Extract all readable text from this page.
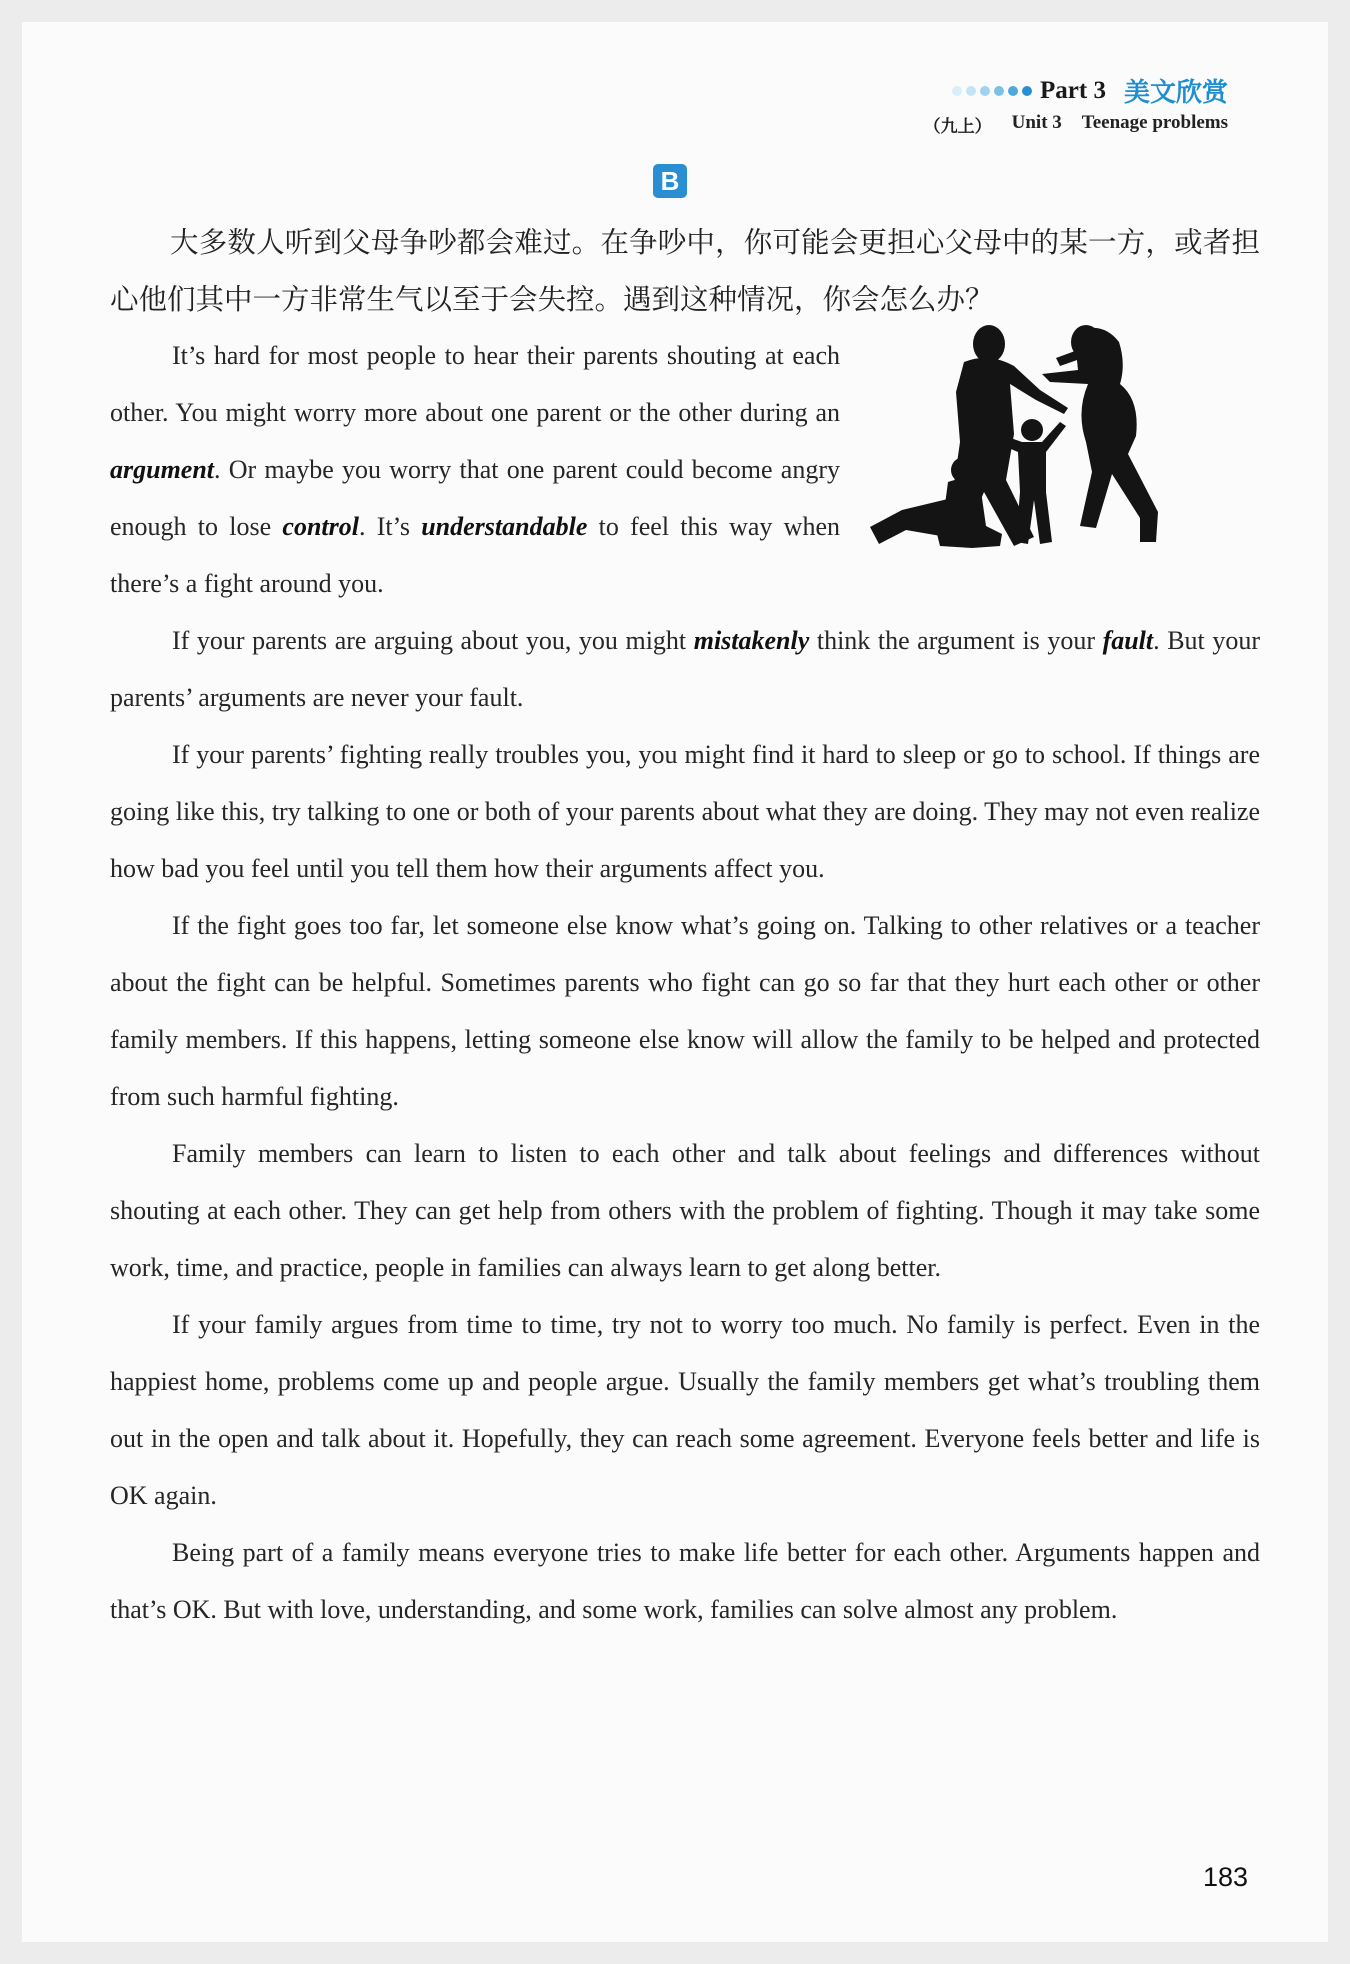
Part 3 美文欣赏
（九上） Unit 3 Teenage problems
B
大多数人听到父母争吵都会难过。在争吵中，你可能会更担心父母中的某一方，或者担心他们其中一方非常生气以至于会失控。遇到这种情况，你会怎么办？

It’s hard for most people to hear their parents shouting at each other. You might worry more about one parent or the other during an argument. Or maybe you worry that one parent could become angry enough to lose control. It’s understandable to feel this way when there’s a fight around you.

If your parents are arguing about you, you might mistakenly think the argument is your fault. But your parents’ arguments are never your fault.

If your parents’ fighting really troubles you, you might find it hard to sleep or go to school. If things are going like this, try talking to one or both of your parents about what they are doing. They may not even realize how bad you feel until you tell them how their arguments affect you.

If the fight goes too far, let someone else know what’s going on. Talking to other relatives or a teacher about the fight can be helpful. Sometimes parents who fight can go so far that they hurt each other or other family members. If this happens, letting someone else know will allow the family to be helped and protected from such harmful fighting.

Family members can learn to listen to each other and talk about feelings and differences without shouting at each other. They can get help from others with the problem of fighting. Though it may take some work, time, and practice, people in families can always learn to get along better.

If your family argues from time to time, try not to worry too much. No family is perfect. Even in the happiest home, problems come up and people argue. Usually the family members get what’s troubling them out in the open and talk about it. Hopefully, they can reach some agreement. Everyone feels better and life is OK again.

Being part of a family means everyone tries to make life better for each other. Arguments happen and that’s OK. But with love, understanding, and some work, families can solve almost any problem.

183
